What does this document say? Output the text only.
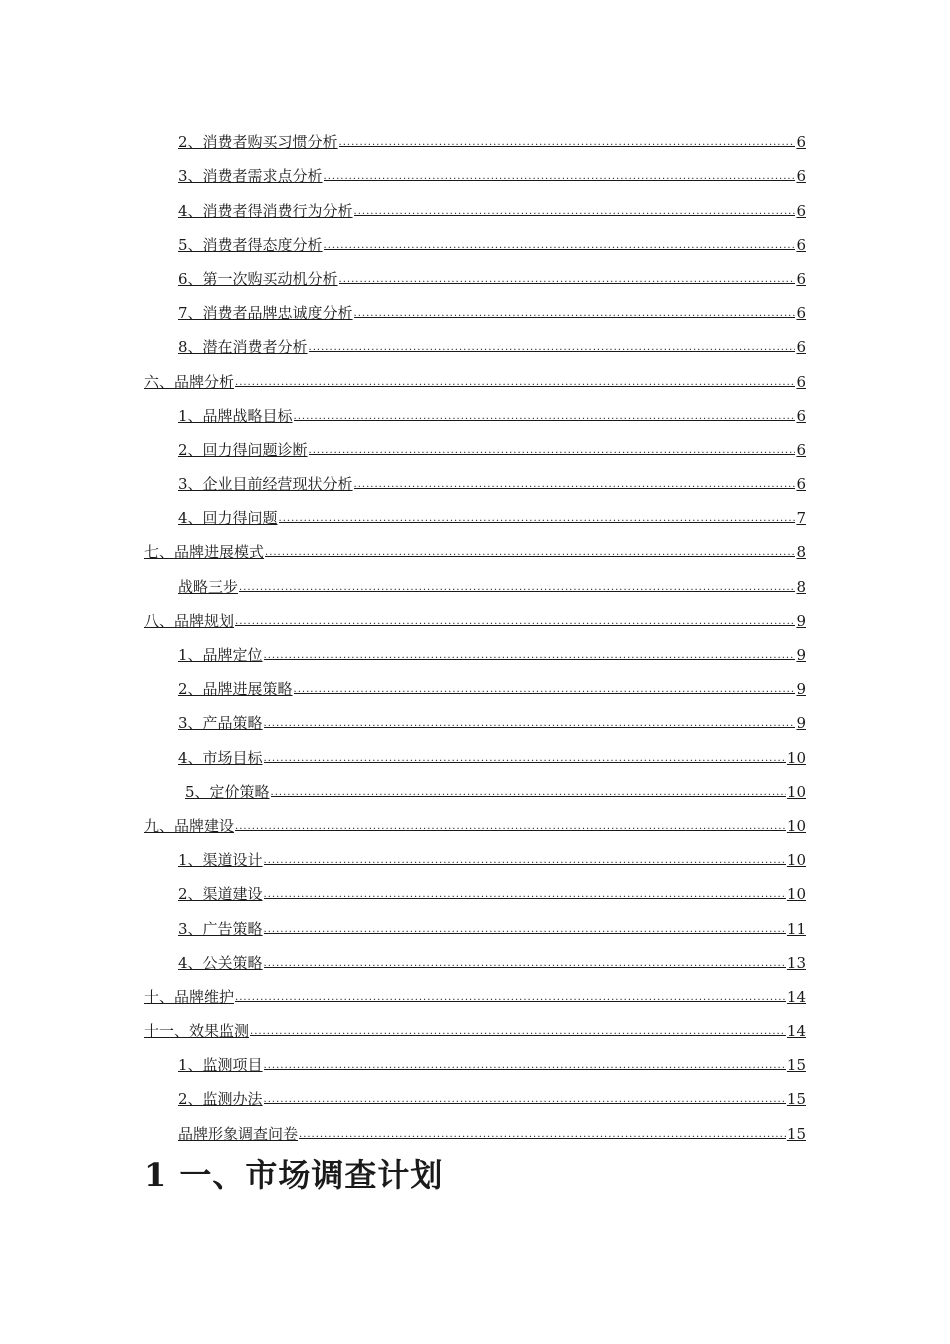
2、消费者购买习惯分析 .....	6
3、消费者需求点分析 .....	6
4、消费者得消费行为分析 .....	6
5、消费者得态度分析 .....	6
6、第一次购买动机分析 .....	6
7、消费者品牌忠诚度分析 .....	6
8、潜在消费者分析 .....	6
六、品牌分析 .....	6
1、品牌战略目标 .....	6
2、回力得问题诊断 .....	6
3、企业目前经营现状分析 .....	6
4、回力得问题 .....	7
七、品牌进展模式 .....	8
战略三步 .....	8
八、品牌规划 .....	9
1、品牌定位 .....	9
2、品牌进展策略 .....	9
3、产品策略 .....	9
4、市场目标 .....	10
5、定价策略 .....	10
九、品牌建设 .....	10
1、渠道设计 .....	10
2、渠道建设 .....	10
3、广告策略 .....	11
4、公关策略 .....	13
十、品牌维护 .....	14
十一、效果监测 .....	14
1、监测项目 .....	15
2、监测办法 .....	15
品牌形象调查问卷 .....	15
1 一、市场调查计划
